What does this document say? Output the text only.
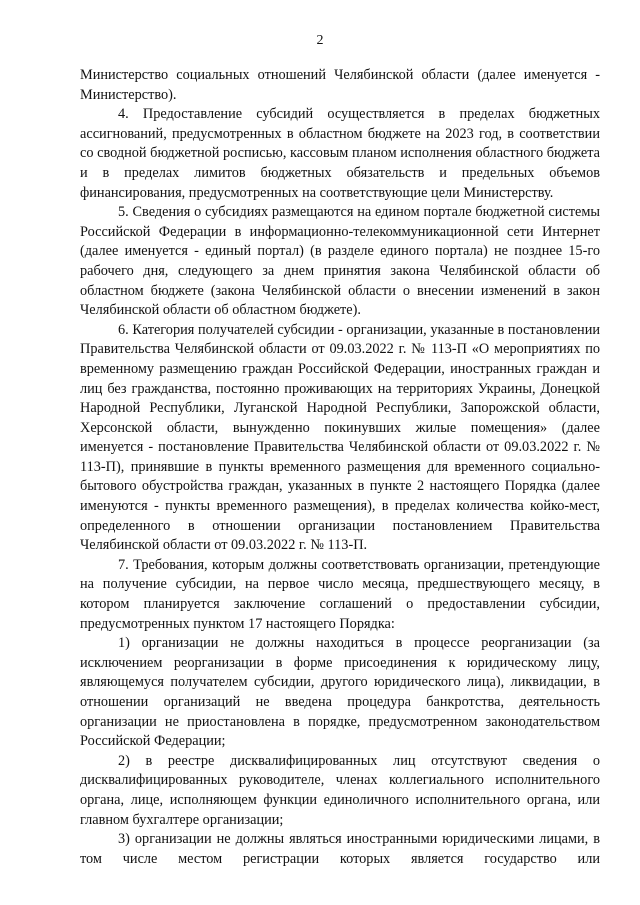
2

Министерство социальных отношений Челябинской области (далее именуется - Министерство).

4. Предоставление субсидий осуществляется в пределах бюджетных ассигнований, предусмотренных в областном бюджете на 2023 год, в соответствии со сводной бюджетной росписью, кассовым планом исполнения областного бюджета и в пределах лимитов бюджетных обязательств и предельных объемов финансирования, предусмотренных на соответствующие цели Министерству.

5. Сведения о субсидиях размещаются на едином портале бюджетной системы Российской Федерации в информационно-телекоммуникационной сети Интернет (далее именуется - единый портал) (в разделе единого портала) не позднее 15-го рабочего дня, следующего за днем принятия закона Челябинской области об областном бюджете (закона Челябинской области о внесении изменений в закон Челябинской области об областном бюджете).

6. Категория получателей субсидии - организации, указанные в постановлении Правительства Челябинской области от 09.03.2022 г. № 113-П «О мероприятиях по временному размещению граждан Российской Федерации, иностранных граждан и лиц без гражданства, постоянно проживающих на территориях Украины, Донецкой Народной Республики, Луганской Народной Республики, Запорожской области, Херсонской области, вынужденно покинувших жилые помещения» (далее именуется - постановление Правительства Челябинской области от 09.03.2022 г. № 113-П), принявшие в пункты временного размещения для временного социально-бытового обустройства граждан, указанных в пункте 2 настоящего Порядка (далее именуются - пункты временного размещения), в пределах количества койко-мест, определенного в отношении организации постановлением Правительства Челябинской области от 09.03.2022 г. № 113-П.

7. Требования, которым должны соответствовать организации, претендующие на получение субсидии, на первое число месяца, предшествующего месяцу, в котором планируется заключение соглашений о предоставлении субсидии, предусмотренных пунктом 17 настоящего Порядка:

1) организации не должны находиться в процессе реорганизации (за исключением реорганизации в форме присоединения к юридическому лицу, являющемуся получателем субсидии, другого юридического лица), ликвидации, в отношении организаций не введена процедура банкротства, деятельность организации не приостановлена в порядке, предусмотренном законодательством Российской Федерации;

2) в реестре дисквалифицированных лиц отсутствуют сведения о дисквалифицированных руководителе, членах коллегиального исполнительного органа, лице, исполняющем функции единоличного исполнительного органа, или главном бухгалтере организации;

3) организации не должны являться иностранными юридическими лицами, в том числе местом регистрации которых является государство или
